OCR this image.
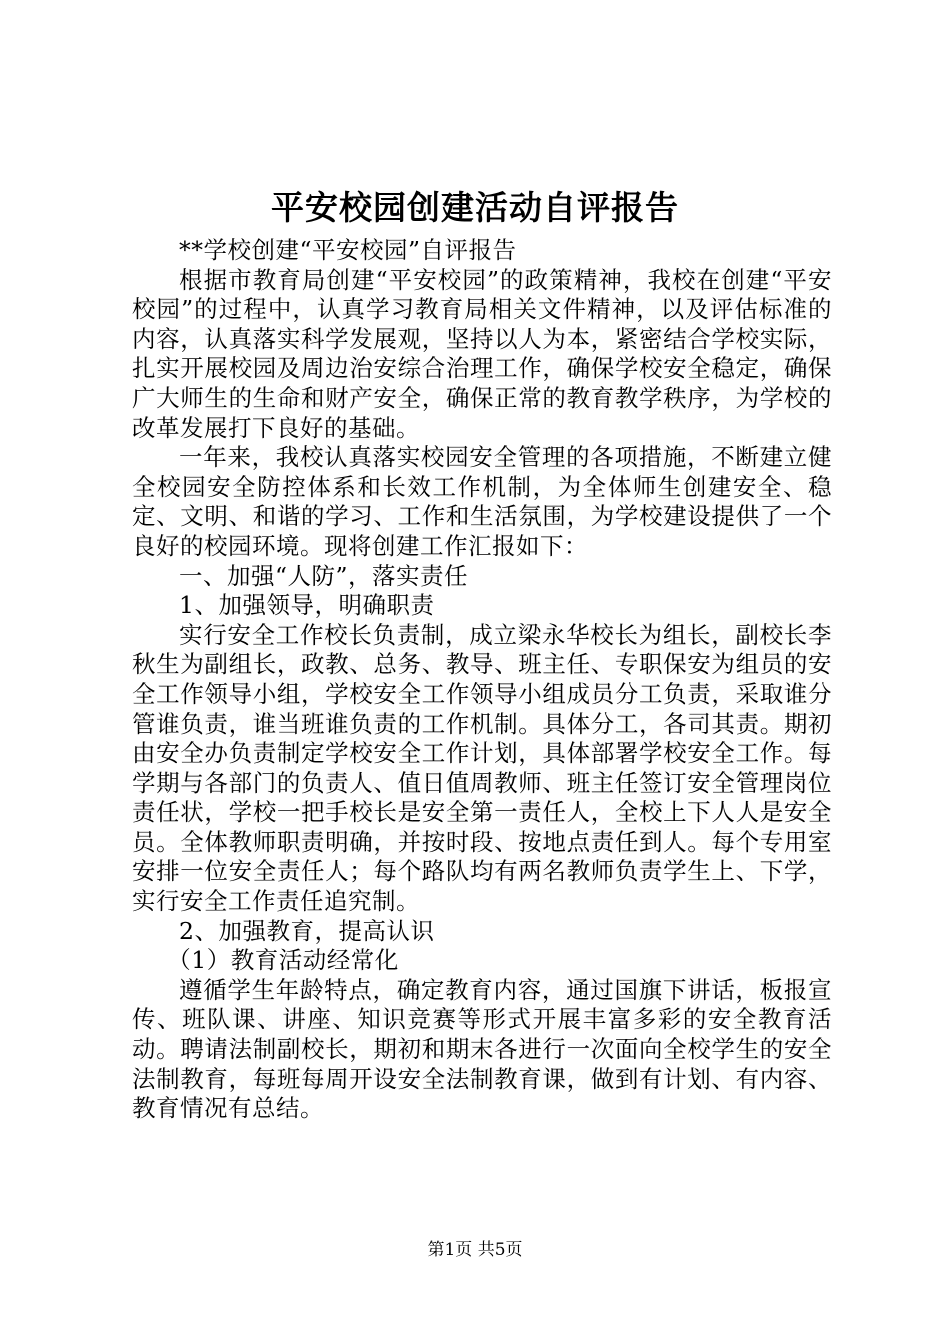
平安校园创建活动自评报告

**学校创建“平安校园”自评报告

根据市教育局创建“平安校园”的政策精神，我校在创建“平安校园”的过程中，认真学习教育局相关文件精神，以及评估标准的内容，认真落实科学发展观，坚持以人为本，紧密结合学校实际，扎实开展校园及周边治安综合治理工作，确保学校安全稳定，确保广大师生的生命和财产安全，确保正常的教育教学秩序，为学校的改革发展打下良好的基础。

一年来，我校认真落实校园安全管理的各项措施，不断建立健全校园安全防控体系和长效工作机制，为全体师生创建安全、稳定、文明、和谐的学习、工作和生活氛围，为学校建设提供了一个良好的校园环境。现将创建工作汇报如下：

一、加强“人防”，落实责任

1、加强领导，明确职责

实行安全工作校长负责制，成立梁永华校长为组长，副校长李秋生为副组长，政教、总务、教导、班主任、专职保安为组员的安全工作领导小组，学校安全工作领导小组成员分工负责，采取谁分管谁负责，谁当班谁负责的工作机制。具体分工，各司其责。期初由安全办负责制定学校安全工作计划，具体部署学校安全工作。每学期与各部门的负责人、值日值周教师、班主任签订安全管理岗位责任状，学校一把手校长是安全第一责任人，全校上下人人是安全员。全体教师职责明确，并按时段、按地点责任到人。每个专用室安排一位安全责任人；每个路队均有两名教师负责学生上、下学，实行安全工作责任追究制。

2、加强教育，提高认识

（1）教育活动经常化

遵循学生年龄特点，确定教育内容，通过国旗下讲话，板报宣传、班队课、讲座、知识竞赛等形式开展丰富多彩的安全教育活动。聘请法制副校长，期初和期末各进行一次面向全校学生的安全法制教育，每班每周开设安全法制教育课，做到有计划、有内容、教育情况有总结。

第1页 共5页
